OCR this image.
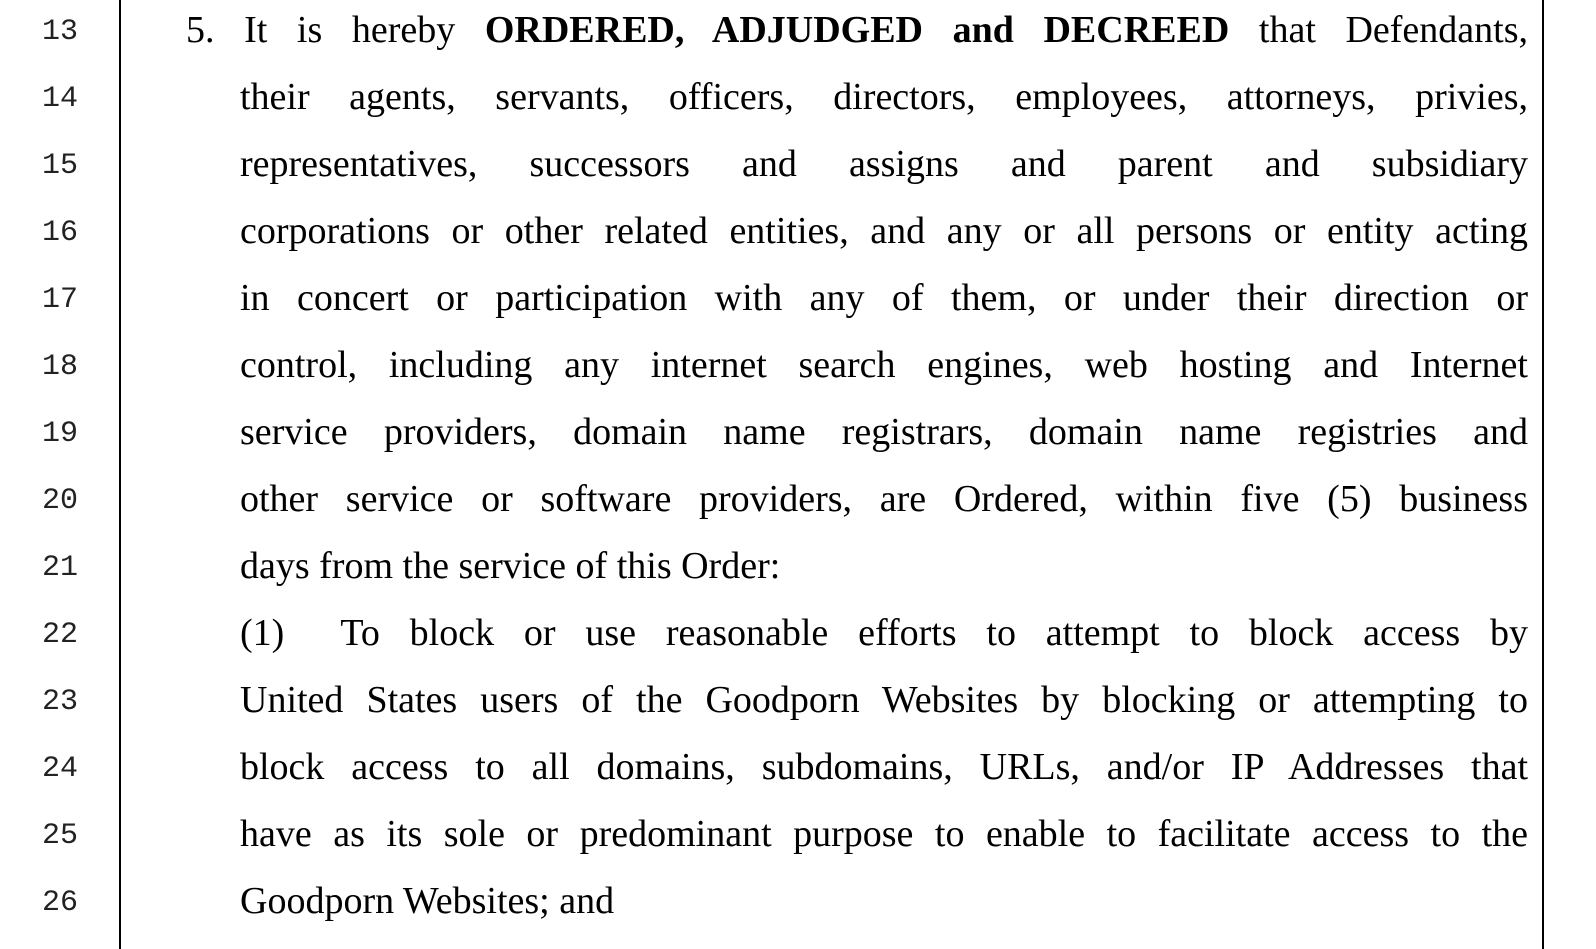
13
14
15
16
17
18
19
20
21
22
23
24
25
26
5. It is hereby ORDERED, ADJUDGED and DECREED that Defendants,
their agents, servants, officers, directors, employees, attorneys, privies,
representatives, successors and assigns and parent and subsidiary
corporations or other related entities, and any or all persons or entity acting
in concert or participation with any of them, or under their direction or
control, including any internet search engines, web hosting and Internet
service providers, domain name registrars, domain name registries and
other service or software providers, are Ordered, within five (5) business
days from the service of this Order:
(1) To block or use reasonable efforts to attempt to block access by
United States users of the Goodporn Websites by blocking or attempting to
block access to all domains, subdomains, URLs, and/or IP Addresses that
have as its sole or predominant purpose to enable to facilitate access to the
Goodporn Websites; and
